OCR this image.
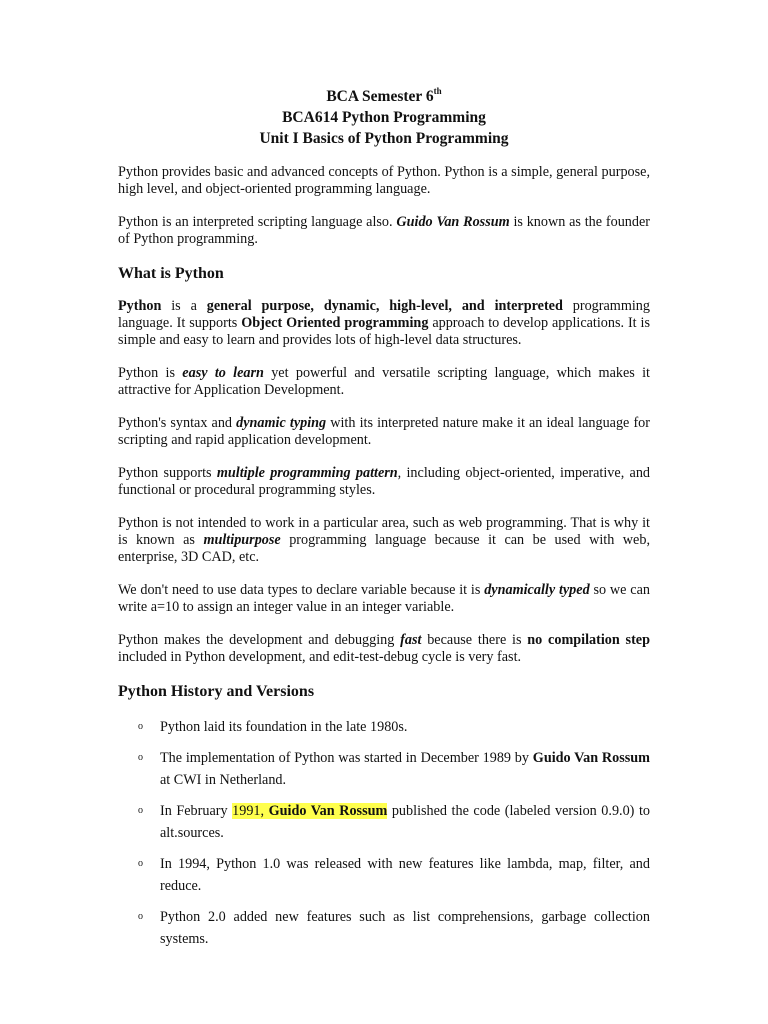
BCA Semester 6th
BCA614 Python Programming
Unit I Basics of Python Programming

Python provides basic and advanced concepts of Python. Python is a simple, general purpose, high level, and object-oriented programming language.

Python is an interpreted scripting language also. Guido Van Rossum is known as the founder of Python programming.

What is Python

Python is a general purpose, dynamic, high-level, and interpreted programming language. It supports Object Oriented programming approach to develop applications. It is simple and easy to learn and provides lots of high-level data structures.

Python is easy to learn yet powerful and versatile scripting language, which makes it attractive for Application Development.

Python's syntax and dynamic typing with its interpreted nature make it an ideal language for scripting and rapid application development.

Python supports multiple programming pattern, including object-oriented, imperative, and functional or procedural programming styles.

Python is not intended to work in a particular area, such as web programming. That is why it is known as multipurpose programming language because it can be used with web, enterprise, 3D CAD, etc.

We don't need to use data types to declare variable because it is dynamically typed so we can write a=10 to assign an integer value in an integer variable.

Python makes the development and debugging fast because there is no compilation step included in Python development, and edit-test-debug cycle is very fast.

Python History and Versions
o Python laid its foundation in the late 1980s.
o The implementation of Python was started in December 1989 by Guido Van Rossum at CWI in Netherland.
o In February 1991, Guido Van Rossum published the code (labeled version 0.9.0) to alt.sources.
o In 1994, Python 1.0 was released with new features like lambda, map, filter, and reduce.
o Python 2.0 added new features such as list comprehensions, garbage collection systems.
